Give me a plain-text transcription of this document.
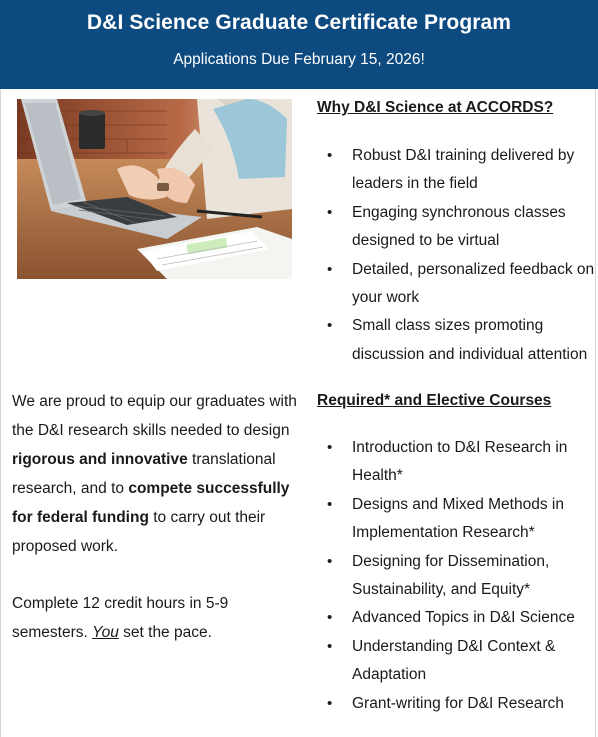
D&I Science Graduate Certificate Program
Applications Due February 15, 2026!
Why D&I Science at ACCORDS?
• Robust D&I training delivered by leaders in the field
• Engaging synchronous classes designed to be virtual
• Detailed, personalized feedback on your work
• Small class sizes promoting discussion and individual attention
We are proud to equip our graduates with the D&I research skills needed to design rigorous and innovative translational research, and to compete successfully for federal funding to carry out their proposed work.
Complete 12 credit hours in 5-9 semesters. You set the pace.
Required* and Elective Courses
• Introduction to D&I Research in Health*
• Designs and Mixed Methods in Implementation Research*
• Designing for Dissemination, Sustainability, and Equity*
• Advanced Topics in D&I Science
• Understanding D&I Context & Adaptation
• Grant-writing for D&I Research
